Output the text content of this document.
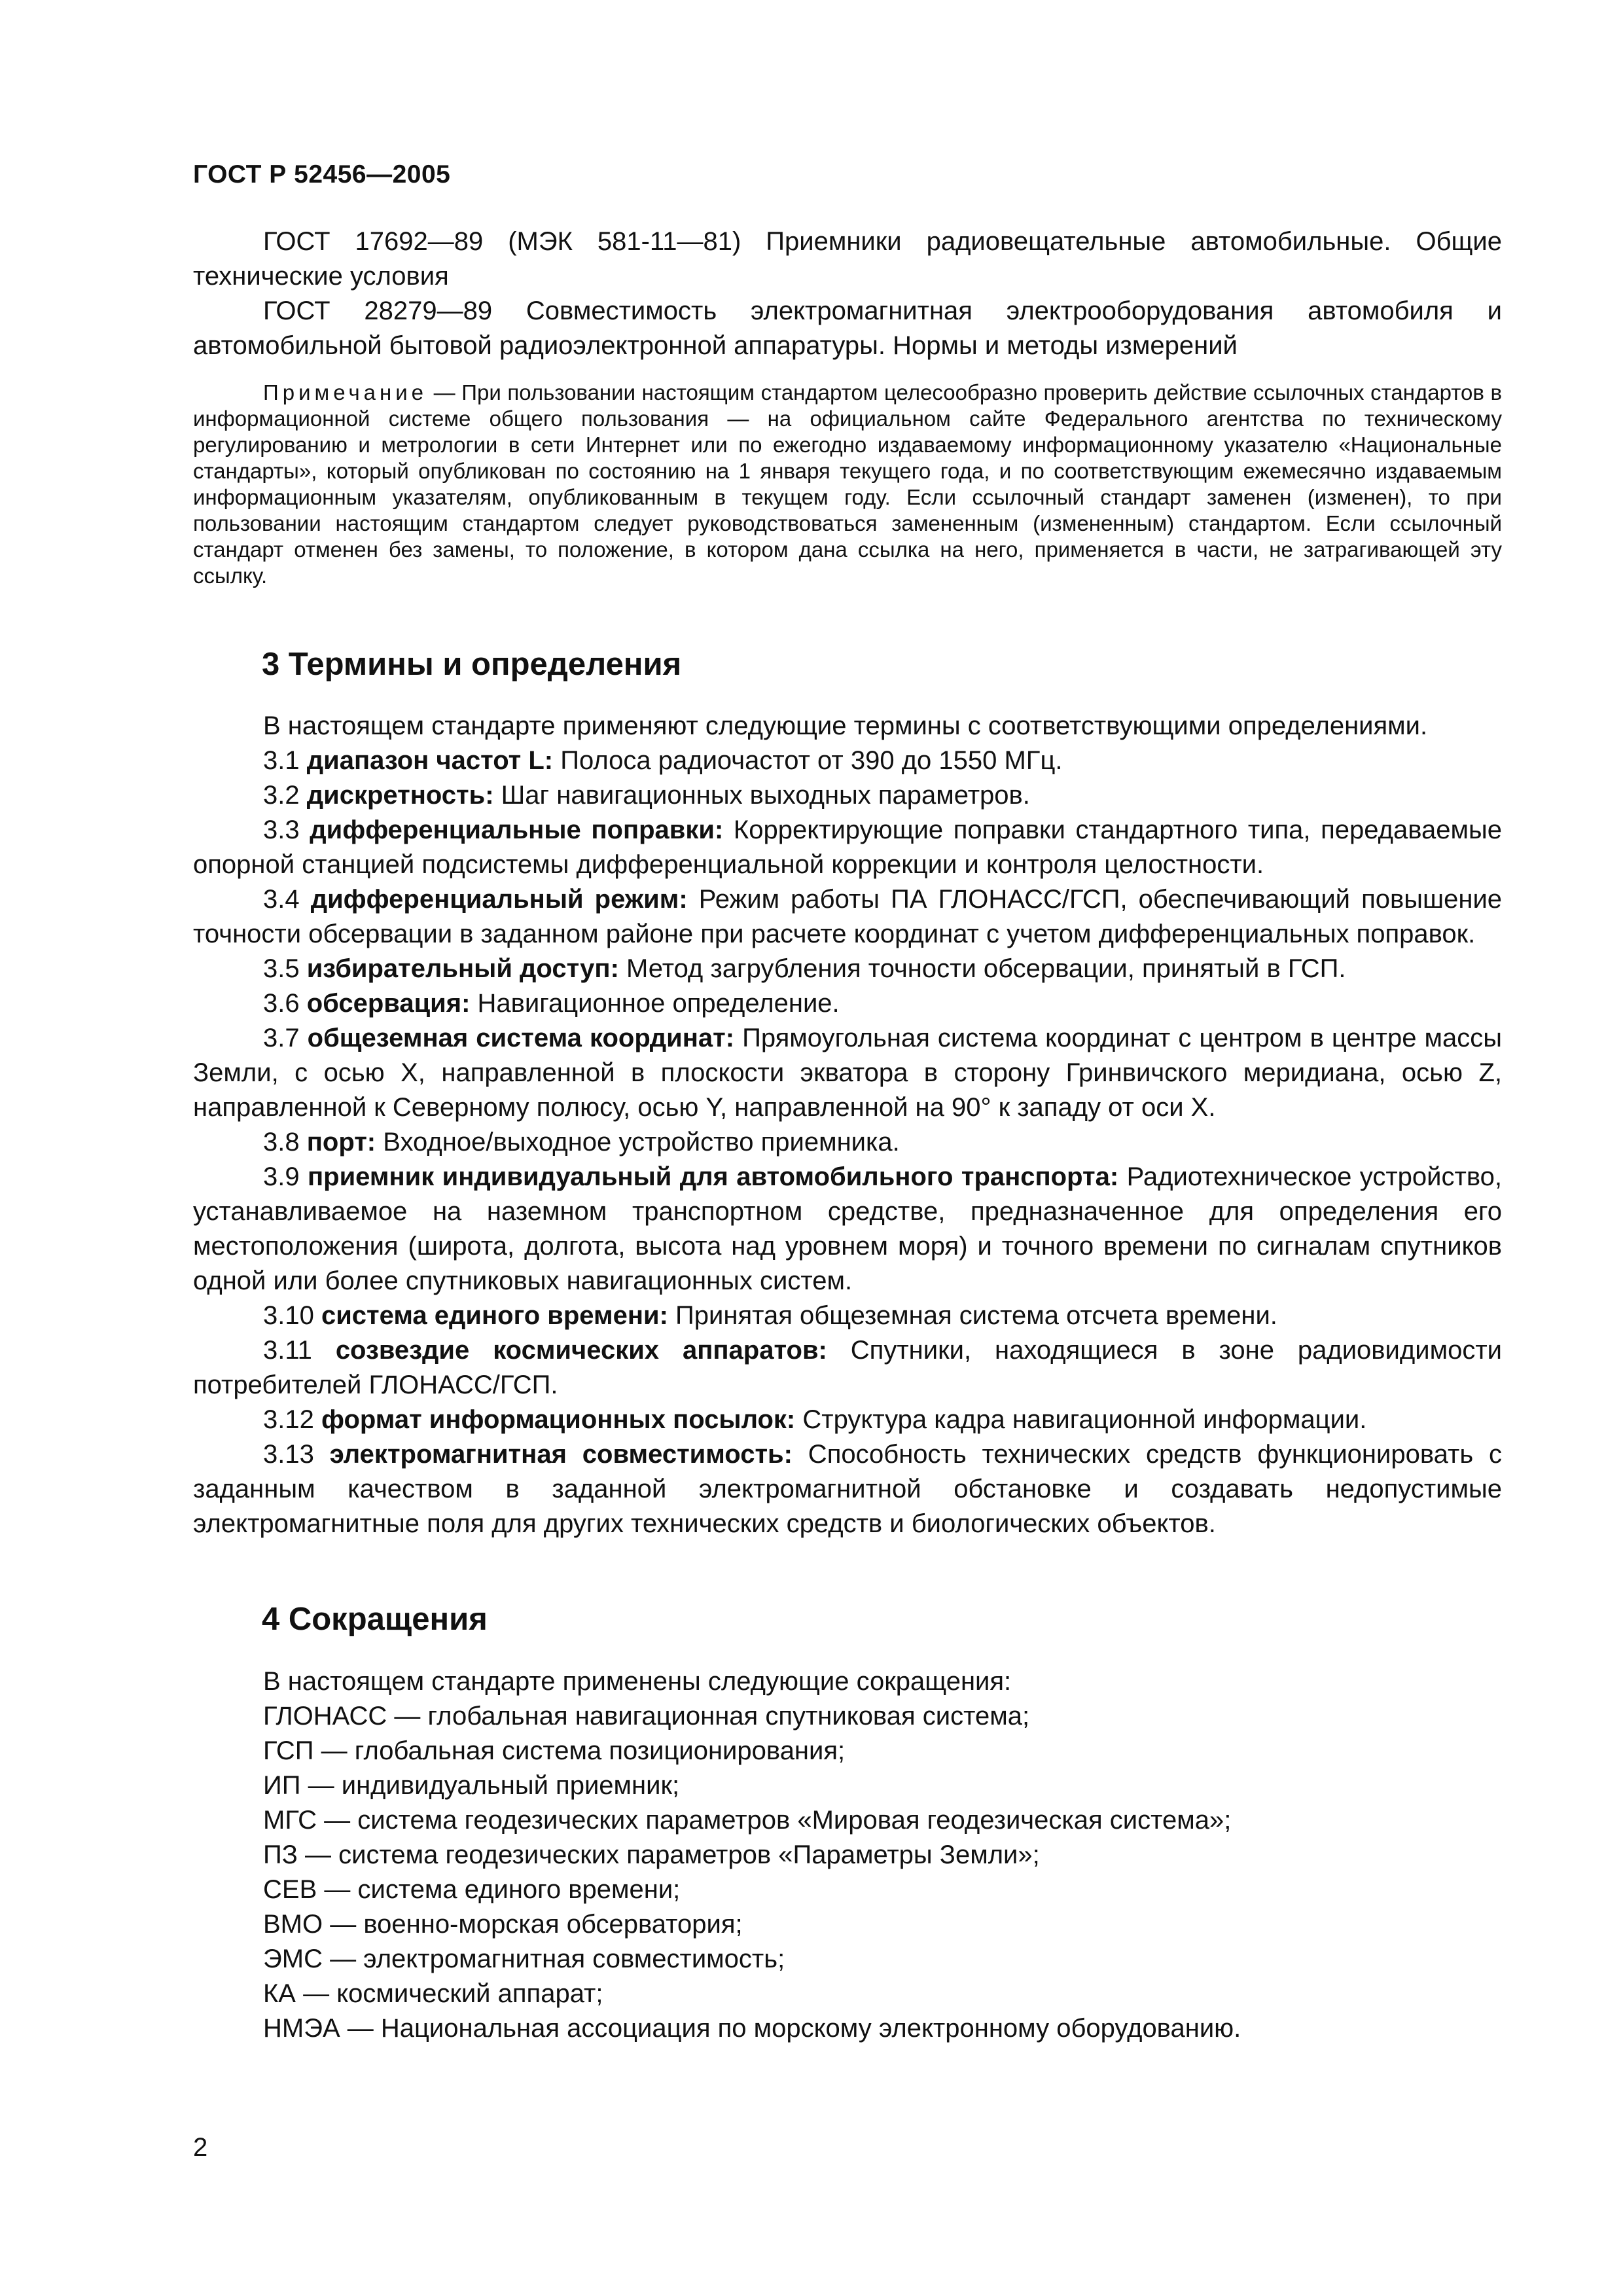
ГОСТ Р 52456—2005

ГОСТ 17692—89 (МЭК 581-11—81) Приемники радиовещательные автомобильные. Общие технические условия

ГОСТ 28279—89 Совместимость электромагнитная электрооборудования автомобиля и автомобильной бытовой радиоэлектронной аппаратуры. Нормы и методы измерений

Примечание — При пользовании настоящим стандартом целесообразно проверить действие ссылочных стандартов в информационной системе общего пользования — на официальном сайте Федерального агентства по техническому регулированию и метрологии в сети Интернет или по ежегодно издаваемому информационному указателю «Национальные стандарты», который опубликован по состоянию на 1 января текущего года, и по соответствующим ежемесячно издаваемым информационным указателям, опубликованным в текущем году. Если ссылочный стандарт заменен (изменен), то при пользовании настоящим стандартом следует руководствоваться замененным (измененным) стандартом. Если ссылочный стандарт отменен без замены, то положение, в котором дана ссылка на него, применяется в части, не затрагивающей эту ссылку.

3 Термины и определения

В настоящем стандарте применяют следующие термины с соответствующими определениями.

3.1 диапазон частот L: Полоса радиочастот от 390 до 1550 МГц.

3.2 дискретность: Шаг навигационных выходных параметров.

3.3 дифференциальные поправки: Корректирующие поправки стандартного типа, передаваемые опорной станцией подсистемы дифференциальной коррекции и контроля целостности.

3.4 дифференциальный режим: Режим работы ПА ГЛОНАСС/ГСП, обеспечивающий повышение точности обсервации в заданном районе при расчете координат с учетом дифференциальных поправок.

3.5 избирательный доступ: Метод загрубления точности обсервации, принятый в ГСП.

3.6 обсервация: Навигационное определение.

3.7 общеземная система координат: Прямоугольная система координат с центром в центре массы Земли, с осью X, направленной в плоскости экватора в сторону Гринвичского меридиана, осью Z, направленной к Северному полюсу, осью Y, направленной на 90° к западу от оси X.

3.8 порт: Входное/выходное устройство приемника.

3.9 приемник индивидуальный для автомобильного транспорта: Радиотехническое устройство, устанавливаемое на наземном транспортном средстве, предназначенное для определения его местоположения (широта, долгота, высота над уровнем моря) и точного времени по сигналам спутников одной или более спутниковых навигационных систем.

3.10 система единого времени: Принятая общеземная система отсчета времени.

3.11 созвездие космических аппаратов: Спутники, находящиеся в зоне радиовидимости потребителей ГЛОНАСС/ГСП.

3.12 формат информационных посылок: Структура кадра навигационной информации.

3.13 электромагнитная совместимость: Способность технических средств функционировать с заданным качеством в заданной электромагнитной обстановке и создавать недопустимые электромагнитные поля для других технических средств и биологических объектов.

4 Сокращения

В настоящем стандарте применены следующие сокращения:

ГЛОНАСС — глобальная навигационная спутниковая система;

ГСП — глобальная система позиционирования;

ИП — индивидуальный приемник;

МГС — система геодезических параметров «Мировая геодезическая система»;

ПЗ — система геодезических параметров «Параметры Земли»;

СЕВ — система единого времени;

ВМО — военно-морская обсерватория;

ЭМС — электромагнитная совместимость;

КА — космический аппарат;

НМЭА — Национальная ассоциация по морскому электронному оборудованию.

2
